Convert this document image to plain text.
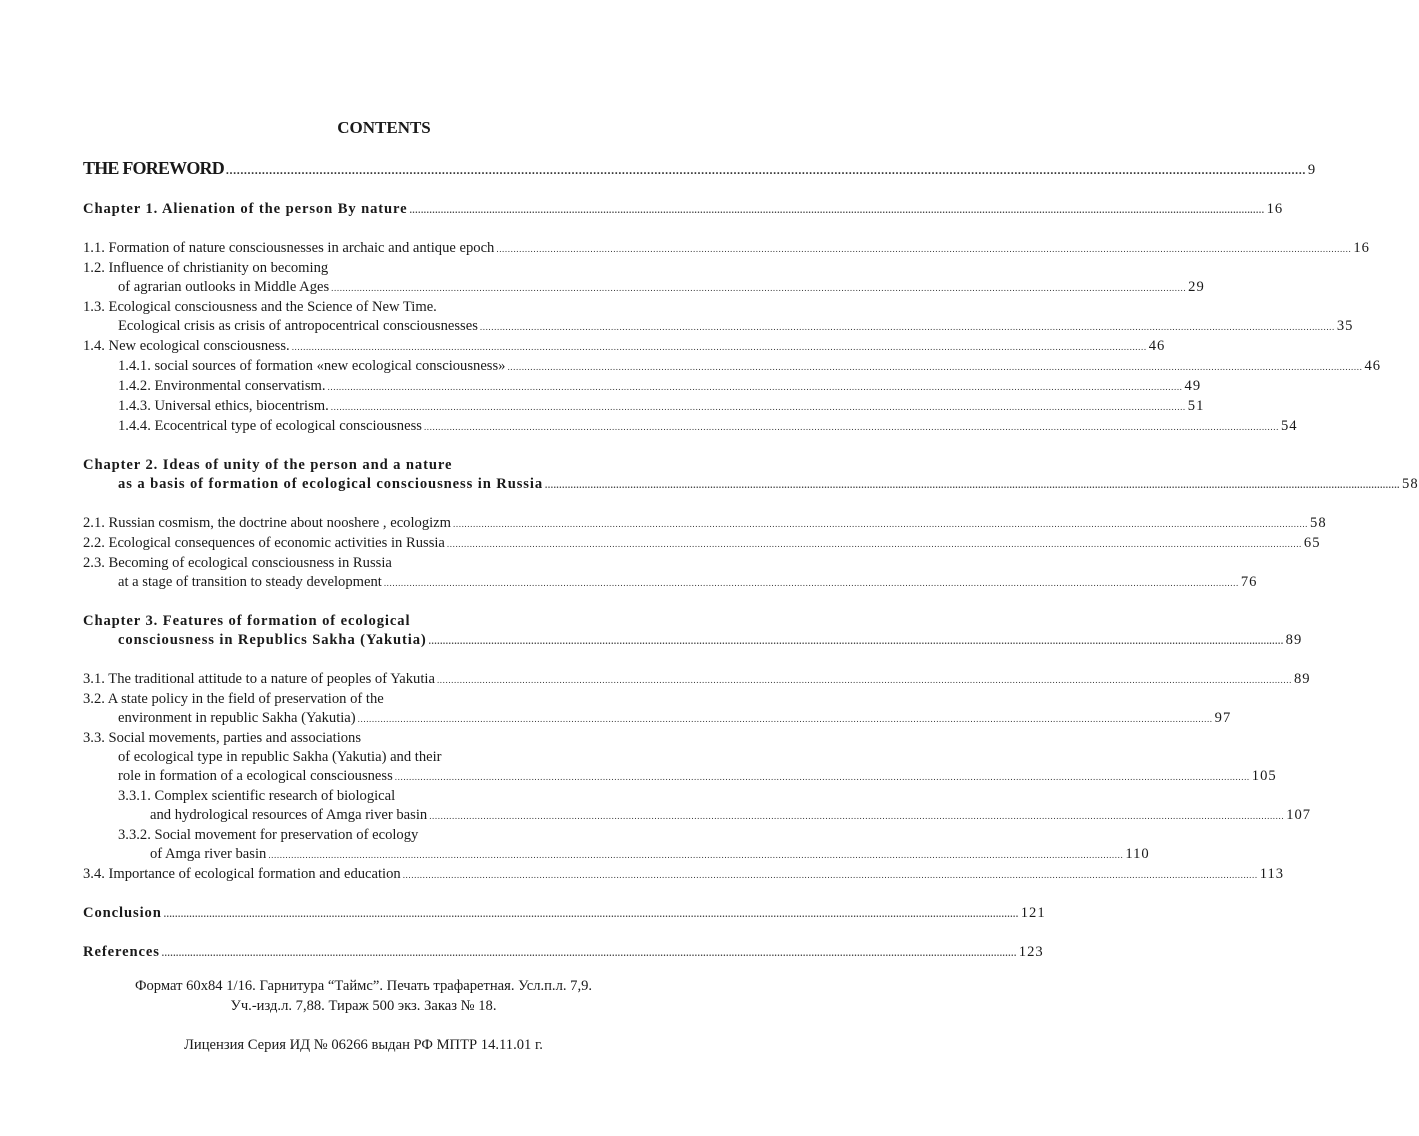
CONTENTS
THE FOREWORD ............................................................................................................................................................................................................................................................................................................ 9
Chapter 1. Alienation of the person By nature ............................................................................................................................................................................................................................................................................................................ 16
1.1. Formation of nature consciousnesses in archaic and antique epoch ............................................................................................................................................................................................................................................................................................................ 16
1.2. Influence of christianity on becoming
of agrarian outlooks in Middle Ages ............................................................................................................................................................................................................................................................................................................ 29
1.3. Ecological consciousness and the Science of New Time.
Ecological crisis as crisis of antropocentrical consciousnesses ............................................................................................................................................................................................................................................................................................................ 35
1.4. New ecological consciousness. ............................................................................................................................................................................................................................................................................................................ 46
1.4.1. social sources of formation «new ecological consciousness» ............................................................................................................................................................................................................................................................................................................ 46
1.4.2. Environmental conservatism. ............................................................................................................................................................................................................................................................................................................ 49
1.4.3. Universal ethics, biocentrism. ............................................................................................................................................................................................................................................................................................................ 51
1.4.4. Ecocentrical type of ecological consciousness ............................................................................................................................................................................................................................................................................................................ 54
Chapter 2. Ideas of unity of the person and a nature
as a basis of formation of ecological consciousness in Russia ............................................................................................................................................................................................................................................................................................................ 58
2.1. Russian cosmism, the doctrine about nooshere , ecologizm ............................................................................................................................................................................................................................................................................................................ 58
2.2. Ecological consequences of economic activities in Russia ............................................................................................................................................................................................................................................................................................................ 65
2.3. Becoming of ecological consciousness in Russia
at a stage of transition to steady development ............................................................................................................................................................................................................................................................................................................ 76
Chapter 3. Features of formation of ecological
consciousness in Republics Sakha (Yakutia) ............................................................................................................................................................................................................................................................................................................ 89
3.1. The traditional attitude to a nature of peoples of Yakutia ............................................................................................................................................................................................................................................................................................................ 89
3.2. A state policy in the field of preservation of the
environment in republic Sakha (Yakutia) ............................................................................................................................................................................................................................................................................................................ 97
3.3. Social movements, parties and associations
of ecological type in republic Sakha (Yakutia) and their
role in formation of a ecological consciousness ............................................................................................................................................................................................................................................................................................................ 105
3.3.1. Complex scientific research of biological
and hydrological resources of Amga river basin ............................................................................................................................................................................................................................................................................................................ 107
3.3.2. Social movement for preservation of ecology
of Amga river basin ............................................................................................................................................................................................................................................................................................................ 110
3.4. Importance of ecological formation and education ............................................................................................................................................................................................................................................................................................................ 113
Conclusion ............................................................................................................................................................................................................................................................................................................ 121
References ............................................................................................................................................................................................................................................................................................................ 123
Формат 60x84 1/16. Гарнитура “Таймс”. Печать трафаретная. Усл.п.л. 7,9.
Уч.-изд.л. 7,88. Тираж 500 экз. Заказ № 18.
Лицензия Серия ИД № 06266 выдан РФ МПТР 14.11.01 г.
